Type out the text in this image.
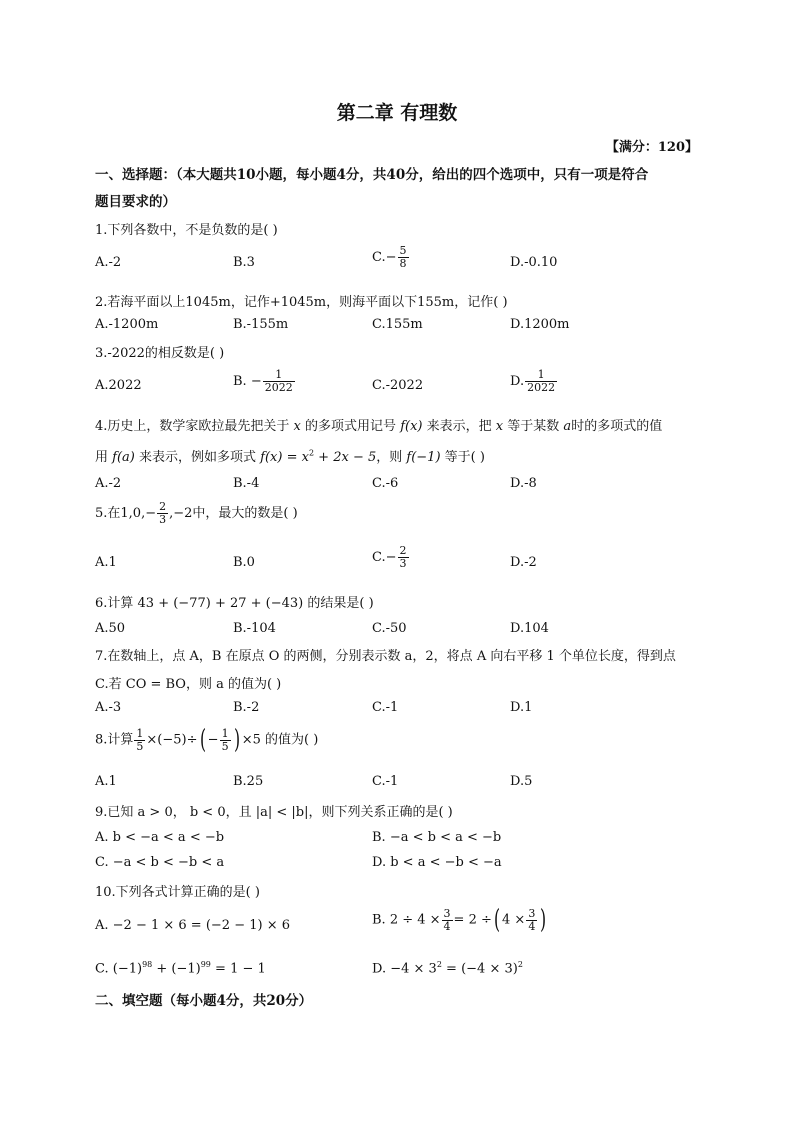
第二章 有理数
【满分：120】
一、选择题：（本大题共10小题，每小题4分，共40分，给出的四个选项中，只有一项是符合
题目要求的）
1.下列各数中，不是负数的是( )
A.-2	B.3	$C.- \frac{5}{8}$	D.-0.10
2.若海平面以上1045m，记作+1045m，则海平面以下155m，记作( )
A.-1200m	B.-155m	C.155m	D.1200m
3.-2022的相反数是( )
A.2022	B. − $\frac{1}{2022}$	C.-2022	D. $\frac{1}{2022}$
4.历史上，数学家欧拉最先把关于 x 的多项式用记号 f(x) 来表示，把 x 等于某数 a时的多项式的值
用 f(a) 来表示，例如多项式 $f(x) = x^2 + 2x - 5$，则 f(−1) 等于( )
A.-2	B.-4	C.-6	D.-8
5.在$1,0,- \frac{2}{3} ,-2$中，最大的数是( )
A.1	B.0	$C.- \frac{2}{3}$	D.-2
6.计算 43 + (−77) + 27 + (−43) 的结果是( )
A.50	B.-104	C.-50	D.104
7.在数轴上，点 A，B 在原点 O 的两侧，分别表示数 a，2，将点 A 向右平移 1 个单位长度，得到点
C.若 CO = BO，则 a 的值为( )
A.-3	B.-2	C.-1	D.1
8.计算 $\frac{1}{5} \times(-5)\div( - \frac{1}{5}$ ) ×5 的值为( )
A.1	B.25	C.-1	D.5
9.已知 a > 0， b < 0，且 |a| < |b|，则下列关系正确的是( )
A. b < −a < a < −b	B. −a < b < a < −b
C. −a < b < −b < a	D. b < a < −b < −a
10.下列各式计算正确的是( )
A. −2 − 1 × 6 = (−2 − 1) × 6	B. $2 \div 4 \times \frac{3}{4} = 2$ ÷( $4 \times \frac{3}{4}$ )
C. $(-1)^{98} + (-1)^{99} = 1 - 1$	D. $-4 \times 3^2 = (-4 \times 3)^2$
二、填空题（每小题4分，共20分）
